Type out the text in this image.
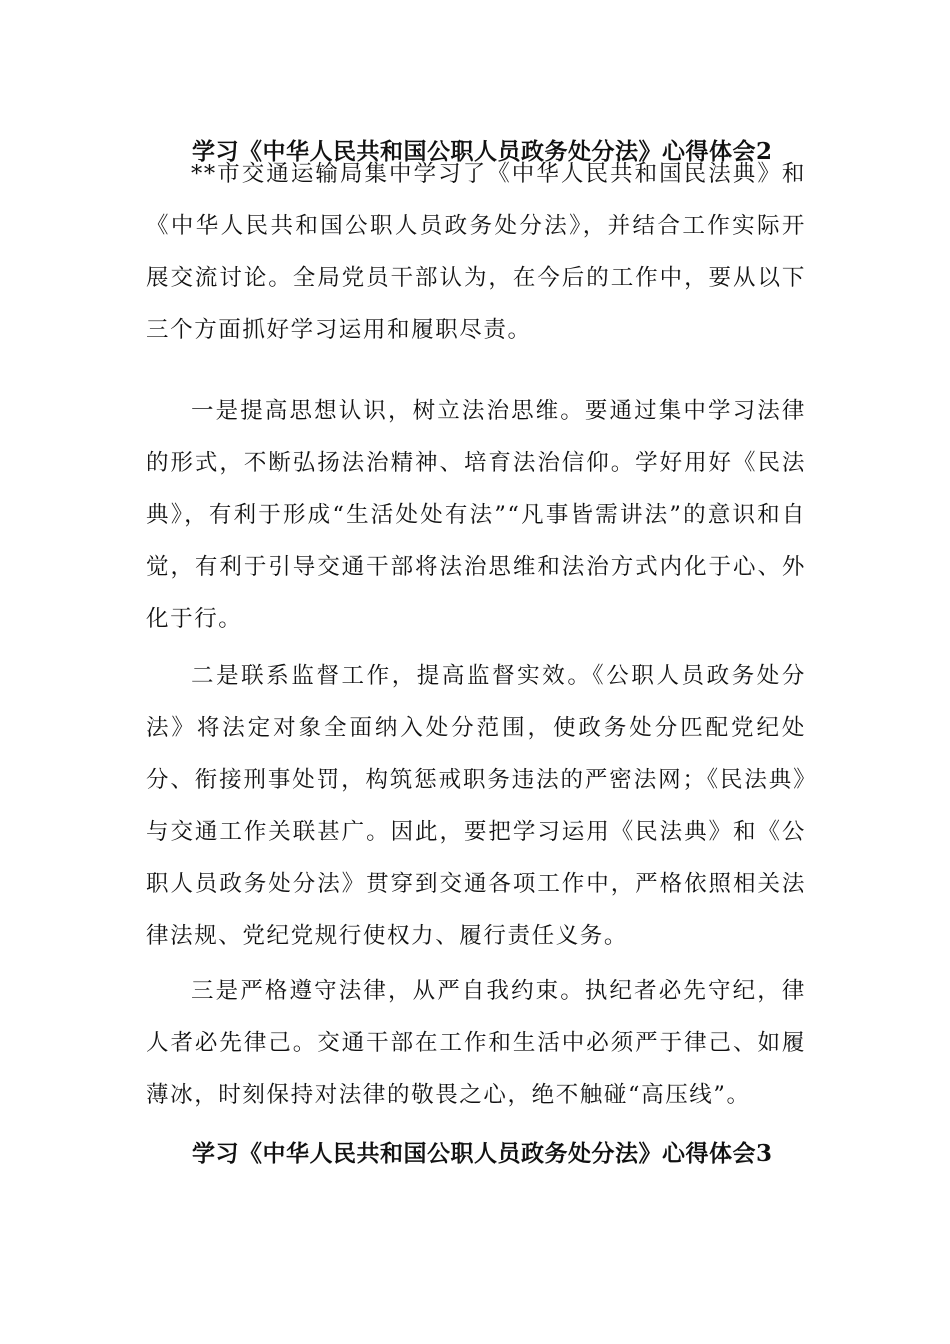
学习《中华人民共和国公职人员政务处分法》心得体会2

**市交通运输局集中学习了《中华人民共和国民法典》和《中华人民共和国公职人员政务处分法》，并结合工作实际开展交流讨论。全局党员干部认为，在今后的工作中，要从以下三个方面抓好学习运用和履职尽责。

一是提高思想认识，树立法治思维。要通过集中学习法律的形式，不断弘扬法治精神、培育法治信仰。学好用好《民法典》，有利于形成“生活处处有法”“凡事皆需讲法”的意识和自觉，有利于引导交通干部将法治思维和法治方式内化于心、外化于行。

二是联系监督工作，提高监督实效。《公职人员政务处分法》将法定对象全面纳入处分范围，使政务处分匹配党纪处分、衔接刑事处罚，构筑惩戒职务违法的严密法网；《民法典》与交通工作关联甚广。因此，要把学习运用《民法典》和《公职人员政务处分法》贯穿到交通各项工作中，严格依照相关法律法规、党纪党规行使权力、履行责任义务。

三是严格遵守法律，从严自我约束。执纪者必先守纪，律人者必先律己。交通干部在工作和生活中必须严于律己、如履薄冰，时刻保持对法律的敬畏之心，绝不触碰“高压线”。

学习《中华人民共和国公职人员政务处分法》心得体会3
